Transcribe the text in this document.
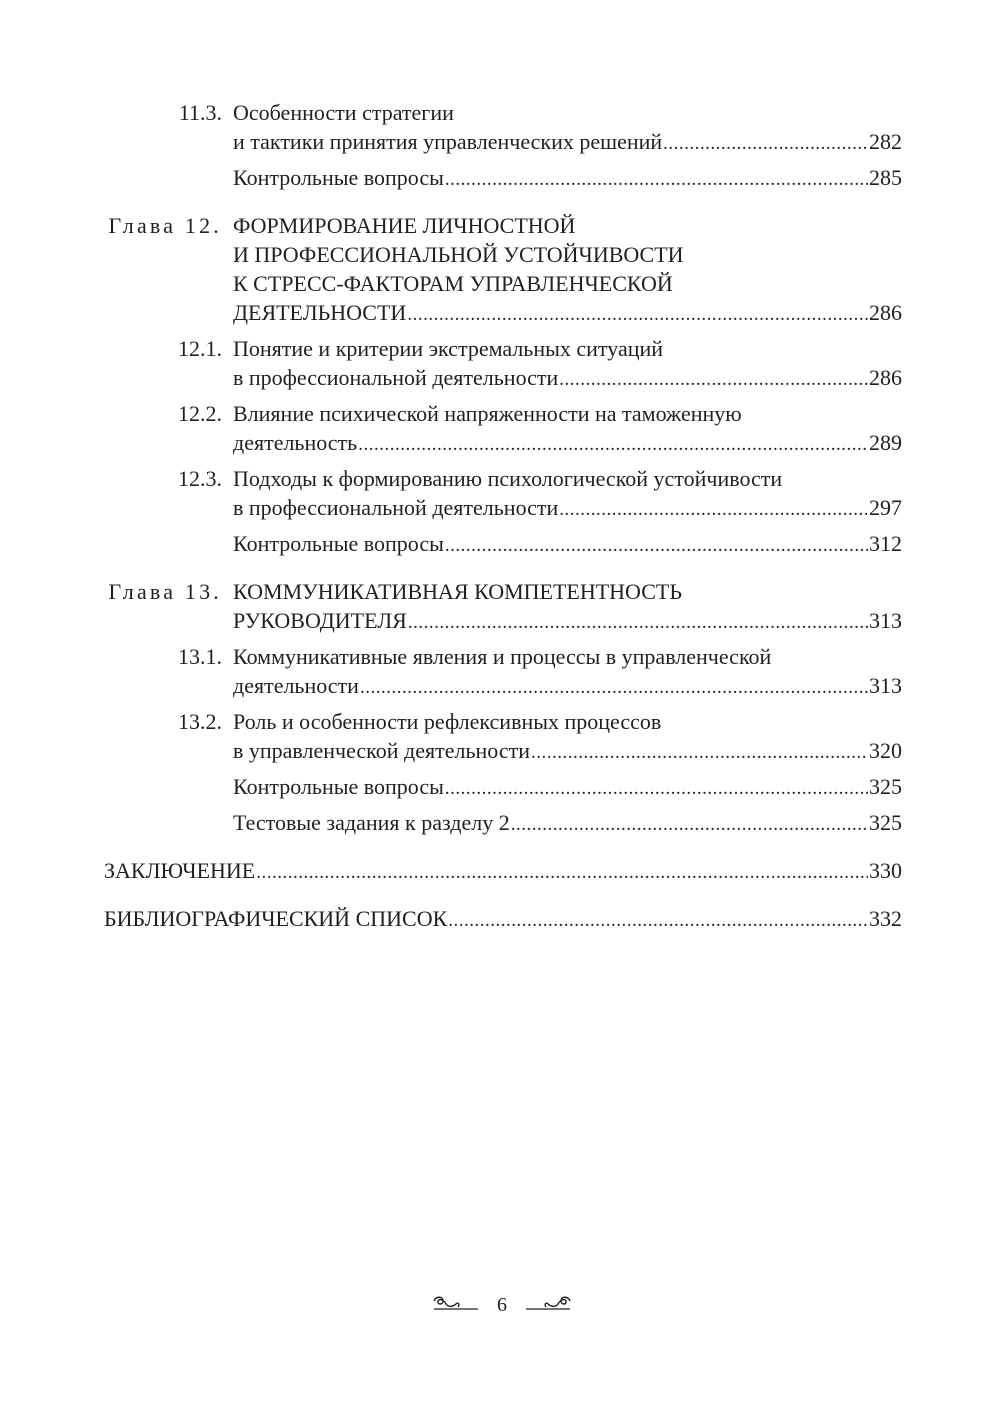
11.3. Особенности стратегии
и тактики принятия управленческих решений .....	282
Контрольные вопросы .....	285
Глава 12. ФОРМИРОВАНИЕ ЛИЧНОСТНОЙ
И ПРОФЕССИОНАЛЬНОЙ УСТОЙЧИВОСТИ
К СТРЕСС-ФАКТОРАМ УПРАВЛЕНЧЕСКОЙ
ДЕЯТЕЛЬНОСТИ .....	286
12.1. Понятие и критерии экстремальных ситуаций
в профессиональной деятельности .....	286
12.2. Влияние психической напряженности на таможенную
деятельность .....	289
12.3. Подходы к формированию психологической устойчивости
в профессиональной деятельности .....	297
Контрольные вопросы .....	312
Глава 13. КОММУНИКАТИВНАЯ КОМПЕТЕНТНОСТЬ
РУКОВОДИТЕЛЯ .....	313
13.1. Коммуникативные явления и процессы в управленческой
деятельности .....	313
13.2. Роль и особенности рефлексивных процессов
в управленческой деятельности .....	320
Контрольные вопросы .....	325
Тестовые задания к разделу 2 .....	325
ЗАКЛЮЧЕНИЕ .....	330
БИБЛИОГРАФИЧЕСКИЙ СПИСОК .....	332
6
